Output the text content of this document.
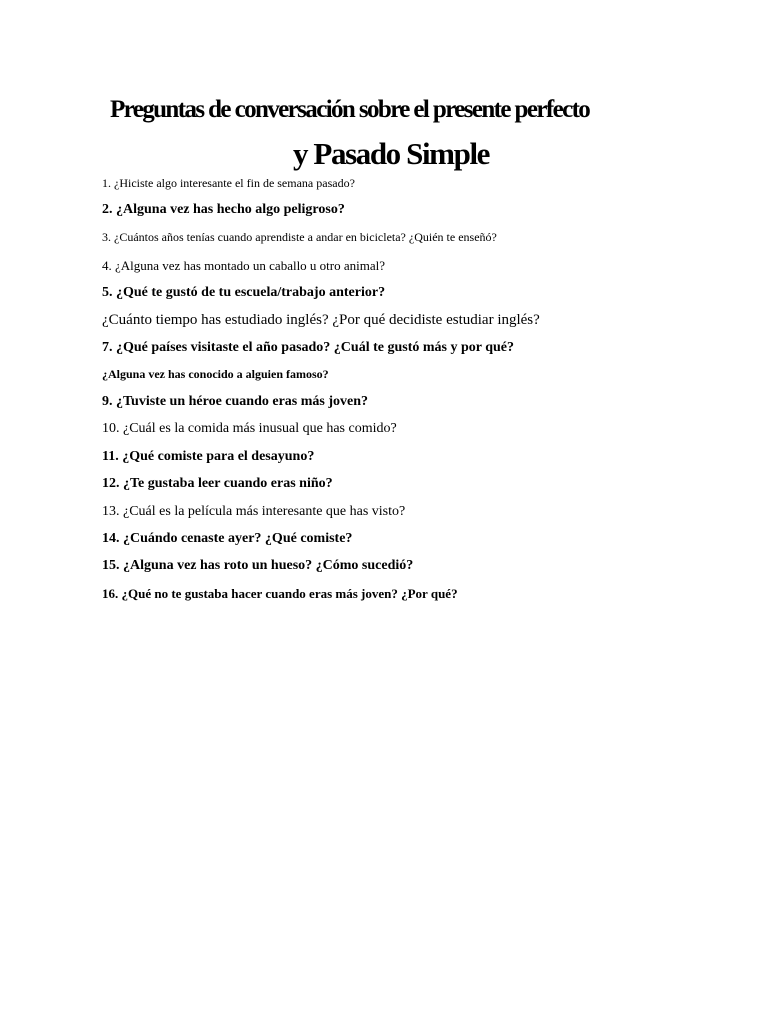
Preguntas de conversación sobre el presente perfecto
y Pasado Simple
1. ¿Hiciste algo interesante el fin de semana pasado?
2. ¿Alguna vez has hecho algo peligroso?
3. ¿Cuántos años tenías cuando aprendiste a andar en bicicleta? ¿Quién te enseñó?
4. ¿Alguna vez has montado un caballo u otro animal?
5. ¿Qué te gustó de tu escuela/trabajo anterior?
¿Cuánto tiempo has estudiado inglés? ¿Por qué decidiste estudiar inglés?
7. ¿Qué países visitaste el año pasado? ¿Cuál te gustó más y por qué?
¿Alguna vez has conocido a alguien famoso?
9. ¿Tuviste un héroe cuando eras más joven?
10. ¿Cuál es la comida más inusual que has comido?
11. ¿Qué comiste para el desayuno?
12. ¿Te gustaba leer cuando eras niño?
13. ¿Cuál es la película más interesante que has visto?
14. ¿Cuándo cenaste ayer? ¿Qué comiste?
15. ¿Alguna vez has roto un hueso? ¿Cómo sucedió?
16. ¿Qué no te gustaba hacer cuando eras más joven? ¿Por qué?
